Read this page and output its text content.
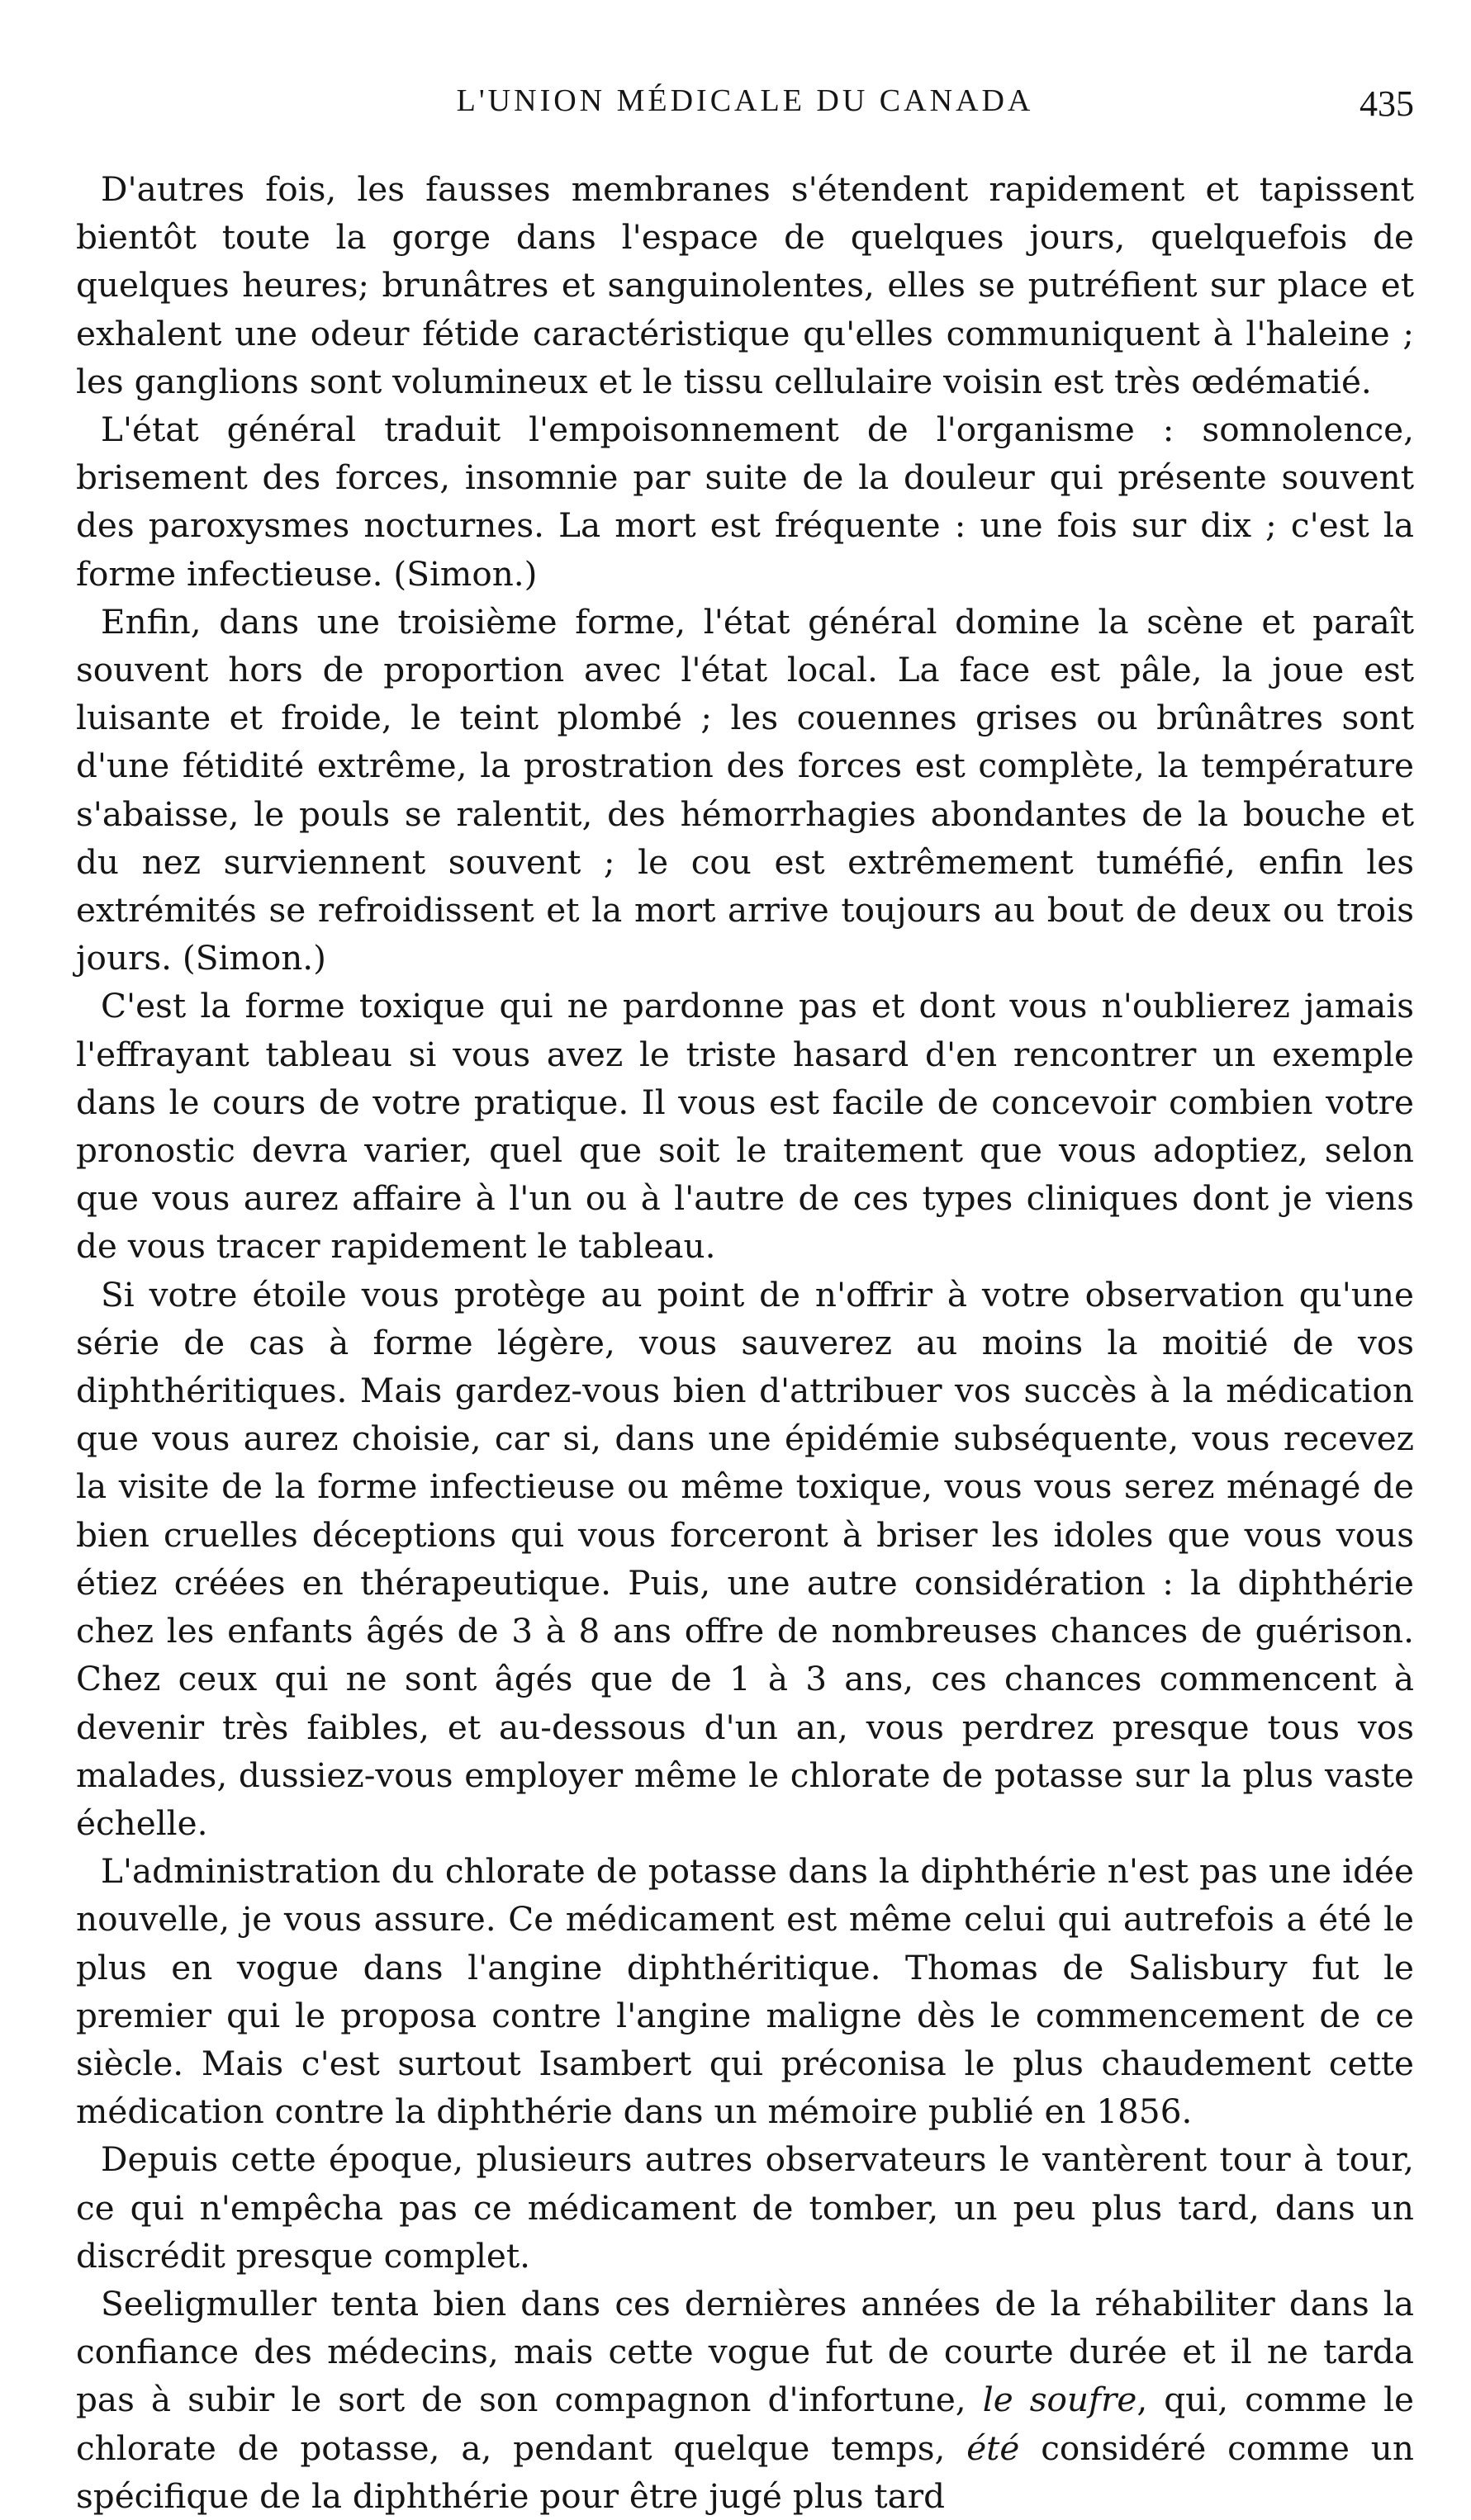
L'UNION MÉDICALE DU CANADA	435

D'autres fois, les fausses membranes s'étendent rapidement et tapissent bientôt toute la gorge dans l'espace de quelques jours, quelquefois de quelques heures; brunâtres et sanguinolentes, elles se putréfient sur place et exhalent une odeur fétide caractéristique qu'elles communiquent à l'haleine ; les ganglions sont volumineux et le tissu cellulaire voisin est très œdématié.

L'état général traduit l'empoisonnement de l'organisme : somnolence, brisement des forces, insomnie par suite de la douleur qui présente souvent des paroxysmes nocturnes. La mort est fréquente : une fois sur dix ; c'est la forme infectieuse. (Simon.)

Enfin, dans une troisième forme, l'état général domine la scène et paraît souvent hors de proportion avec l'état local. La face est pâle, la joue est luisante et froide, le teint plombé ; les couennes grises ou brûnâtres sont d'une fétidité extrême, la prostration des forces est complète, la température s'abaisse, le pouls se ralentit, des hémorrhagies abondantes de la bouche et du nez surviennent souvent ; le cou est extrêmement tuméfié, enfin les extrémités se refroidissent et la mort arrive toujours au bout de deux ou trois jours. (Simon.)

C'est la forme toxique qui ne pardonne pas et dont vous n'oublierez jamais l'effrayant tableau si vous avez le triste hasard d'en rencontrer un exemple dans le cours de votre pratique. Il vous est facile de concevoir combien votre pronostic devra varier, quel que soit le traitement que vous adoptiez, selon que vous aurez affaire à l'un ou à l'autre de ces types cliniques dont je viens de vous tracer rapidement le tableau.

Si votre étoile vous protège au point de n'offrir à votre observation qu'une série de cas à forme légère, vous sauverez au moins la moitié de vos diphthéritiques. Mais gardez-vous bien d'attribuer vos succès à la médication que vous aurez choisie, car si, dans une épidémie subséquente, vous recevez la visite de la forme infectieuse ou même toxique, vous vous serez ménagé de bien cruelles déceptions qui vous forceront à briser les idoles que vous vous étiez créées en thérapeutique. Puis, une autre considération : la diphthérie chez les enfants âgés de 3 à 8 ans offre de nombreuses chances de guérison. Chez ceux qui ne sont âgés que de 1 à 3 ans, ces chances commencent à devenir très faibles, et au-dessous d'un an, vous perdrez presque tous vos malades, dussiez-vous employer même le chlorate de potasse sur la plus vaste échelle.

L'administration du chlorate de potasse dans la diphthérie n'est pas une idée nouvelle, je vous assure. Ce médicament est même celui qui autrefois a été le plus en vogue dans l'angine diphthéritique. Thomas de Salisbury fut le premier qui le proposa contre l'angine maligne dès le commencement de ce siècle. Mais c'est surtout Isambert qui préconisa le plus chaudement cette médication contre la diphthérie dans un mémoire publié en 1856.

Depuis cette époque, plusieurs autres observateurs le vantèrent tour à tour, ce qui n'empêcha pas ce médicament de tomber, un peu plus tard, dans un discrédit presque complet.

Seeligmuller tenta bien dans ces dernières années de la réhabiliter dans la confiance des médecins, mais cette vogue fut de courte durée et il ne tarda pas à subir le sort de son compagnon d'infortune, le soufre, qui, comme le chlorate de potasse, a, pendant quelque temps, été considéré comme un spécifique de la diphthérie pour être jugé plus tard
